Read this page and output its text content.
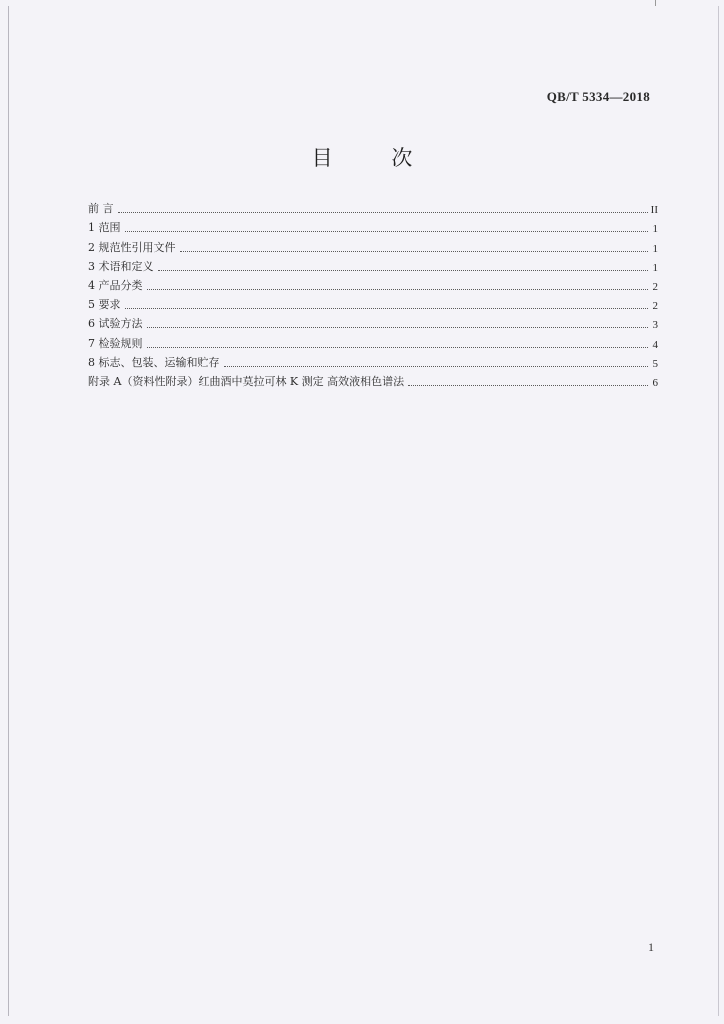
QB/T 5334—2018
目 次
前 言	II
1 范围	1
2 规范性引用文件	1
3 术语和定义	1
4 产品分类	2
5 要求	2
6 试验方法	3
7 检验规则	4
8 标志、包装、运输和贮存	5
附录 A（资料性附录）红曲酒中莫拉可林 K 测定 高效液相色谱法	6
1
